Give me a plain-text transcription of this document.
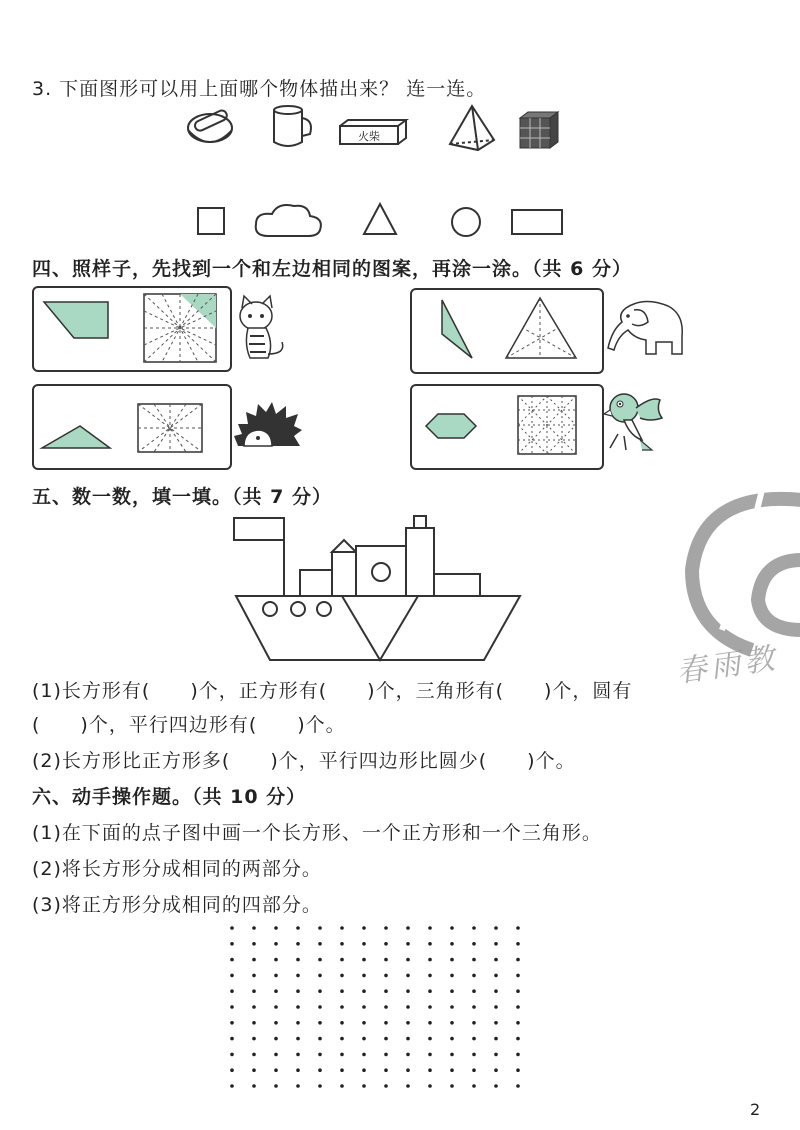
3. 下面图形可以用上面哪个物体描出来？ 连一连。
火柴
四、照样子，先找到一个和左边相同的图案，再涂一涂。（共 6 分）
五、数一数，填一填。（共 7 分）
春雨教
(1)长方形有(　　)个，正方形有(　　)个，三角形有(　　)个，圆有
(　　)个，平行四边形有(　　)个。
(2)长方形比正方形多(　　)个，平行四边形比圆少(　　)个。
六、动手操作题。（共 10 分）
(1)在下面的点子图中画一个长方形、一个正方形和一个三角形。
(2)将长方形分成相同的两部分。
(3)将正方形分成相同的四部分。
2
